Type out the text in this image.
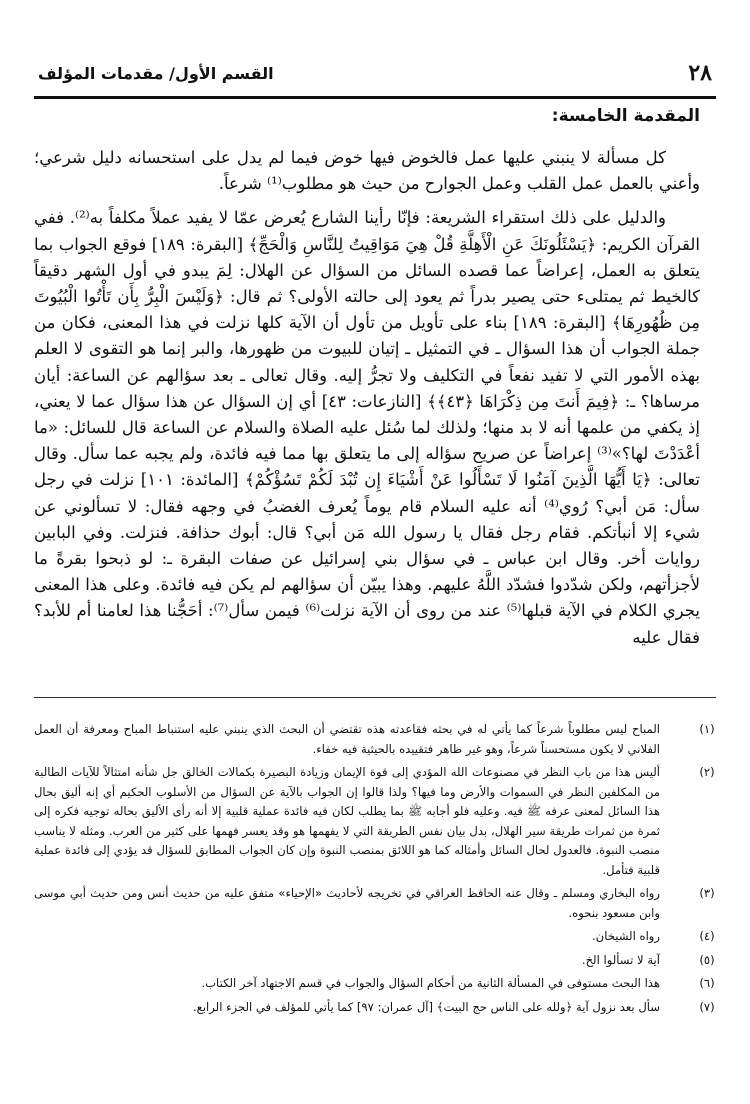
٢٨
القسم الأول/ مقدمات المؤلف
المقدمة الخامسة:

كل مسألة لا ينبني عليها عمل فالخوض فيها خوض فيما لم يدل على استحسانه دليل شرعي؛ وأعني بالعمل عمل القلب وعمل الجوارح من حيث هو مطلوب⁽¹⁾ شرعاً.

والدليل على ذلك استقراء الشريعة: فإنّا رأينا الشارع يُعرض عمّا لا يفيد عملاً مكلفاً به⁽²⁾. ففي القرآن الكريم: ﴿يَسْئَلُونَكَ عَنِ الْأَهِلَّةِ قُلْ هِيَ مَوَاقِيتُ لِلنَّاسِ وَالْحَجِّ﴾ [البقرة: ١٨٩] فوقع الجواب بما يتعلق به العمل، إعراضاً عما قصده السائل من السؤال عن الهلال: لِمَ يبدو في أول الشهر دقيقاً كالخيط ثم يمتلىء حتى يصير بدراً ثم يعود إلى حالته الأولى؟ ثم قال: ﴿وَلَيْسَ الْبِرُّ بِأَن تَأْتُوا الْبُيُوتَ مِن ظُهُورِهَا﴾ [البقرة: ١٨٩] بناء على تأويل من تأول أن الآية كلها نزلت في هذا المعنى، فكان من جملة الجواب أن هذا السؤال ـ في التمثيل ـ إتيان للبيوت من ظهورها، والبر إنما هو التقوى لا العلم بهذه الأمور التي لا تفيد نفعاً في التكليف ولا تجرُّ إليه. وقال تعالى ـ بعد سؤالهم عن الساعة: أيان مرساها؟ ـ: ﴿فِيمَ أَنتَ مِن ذِكْرَاهَا ﴿٤٣﴾﴾ [النازعات: ٤٣] أي إن السؤال عن هذا سؤال عما لا يعني، إذ يكفي من علمها أنه لا بد منها؛ ولذلك لما سُئل عليه الصلاة والسلام عن الساعة قال للسائل: «ما أعْدَدْتَ لها؟»⁽³⁾ إعراضاً عن صريح سؤاله إلى ما يتعلق بها مما فيه فائدة، ولم يجبه عما سأل. وقال تعالى: ﴿يَا أَيُّهَا الَّذِينَ آمَنُوا لَا تَسْأَلُوا عَنْ أَشْيَاءَ إِن تُبْدَ لَكُمْ تَسُؤْكُمْ﴾ [المائدة: ١٠١] نزلت في رجل سأل: مَن أبي؟ رُوي⁽⁴⁾ أنه عليه السلام قام يوماً يُعرف الغضبُ في وجهه فقال: لا تسألوني عن شيء إلا أنبأتكم. فقام رجل فقال يا رسول الله مَن أبي؟ قال: أبوك حذافة. فنزلت. وفي البابين روايات أخر. وقال ابن عباس ـ في سؤال بني إسرائيل عن صفات البقرة ـ: لو ذبحوا بقرةً ما لأجزأتهم، ولكن شدّدوا فشدّد اللَّهُ عليهم. وهذا يبيّن أن سؤالهم لم يكن فيه فائدة. وعلى هذا المعنى يجري الكلام في الآية قبلها⁽⁵⁾ عند من روى أن الآية نزلت⁽⁶⁾ فيمن سأل⁽⁷⁾: أحَجُّنا هذا لعامنا أم للأبد؟ فقال عليه

(١)
المباح ليس مطلوباً شرعاً كما يأتي له في بحثه فقاعدته هذه تقتضي أن البحث الذي ينبني عليه استنباط المباح ومعرفة أن العمل الفلاني لا يكون مستحسناً شرعاً، وهو غير ظاهر فتقييده بالحيثية فيه خفاء.
(٢)
أليس هذا من باب النظر في مصنوعات الله المؤدي إلى قوة الإيمان وزيادة البصيرة بكمالات الخالق جل شأنه امتثالاً للآيات الطالبة من المكلفين النظر في السموات والأرض وما فيها؟ ولذا قالوا إن الجواب بالآية عن السؤال من الأسلوب الحكيم أي إنه أليق بحال هذا السائل لمعنى عرفه ﷺ فيه. وعليه فلو أجابه ﷺ بما يطلب لكان فيه فائدة عملية قلبية إلا أنه رأى الأليق بحاله توجيه فكره إلى ثمرة من ثمرات طريقة سير الهلال، بدل بيان نفس الطريقة التي لا يفهمها هو وقد يعسر فهمها على كثير من العرب. ومثله لا يناسب منصب النبوة. فالعدول لحال السائل وأمثاله كما هو اللائق بمنصب النبوة وإن كان الجواب المطابق للسؤال قد يؤدي إلى فائدة عملية قلبية فتأمل.
(٣)
رواه البخاري ومسلم ـ وقال عنه الحافظ العراقي في تخريجه لأحاديث «الإحياء» متفق عليه من حديث أنس ومن حديث أبي موسى وابن مسعود بنحوه.
(٤)
رواه الشيخان.
(٥)
آية لا تسألوا الخ.
(٦)
هذا البحث مستوفى في المسألة الثانية من أحكام السؤال والجواب في قسم الاجتهاد آخر الكتاب.
(٧)
سأل بعد نزول آية ﴿ولله على الناس حج البيت﴾ [آل عمران: ٩٧] كما يأتي للمؤلف في الجزء الرابع.
